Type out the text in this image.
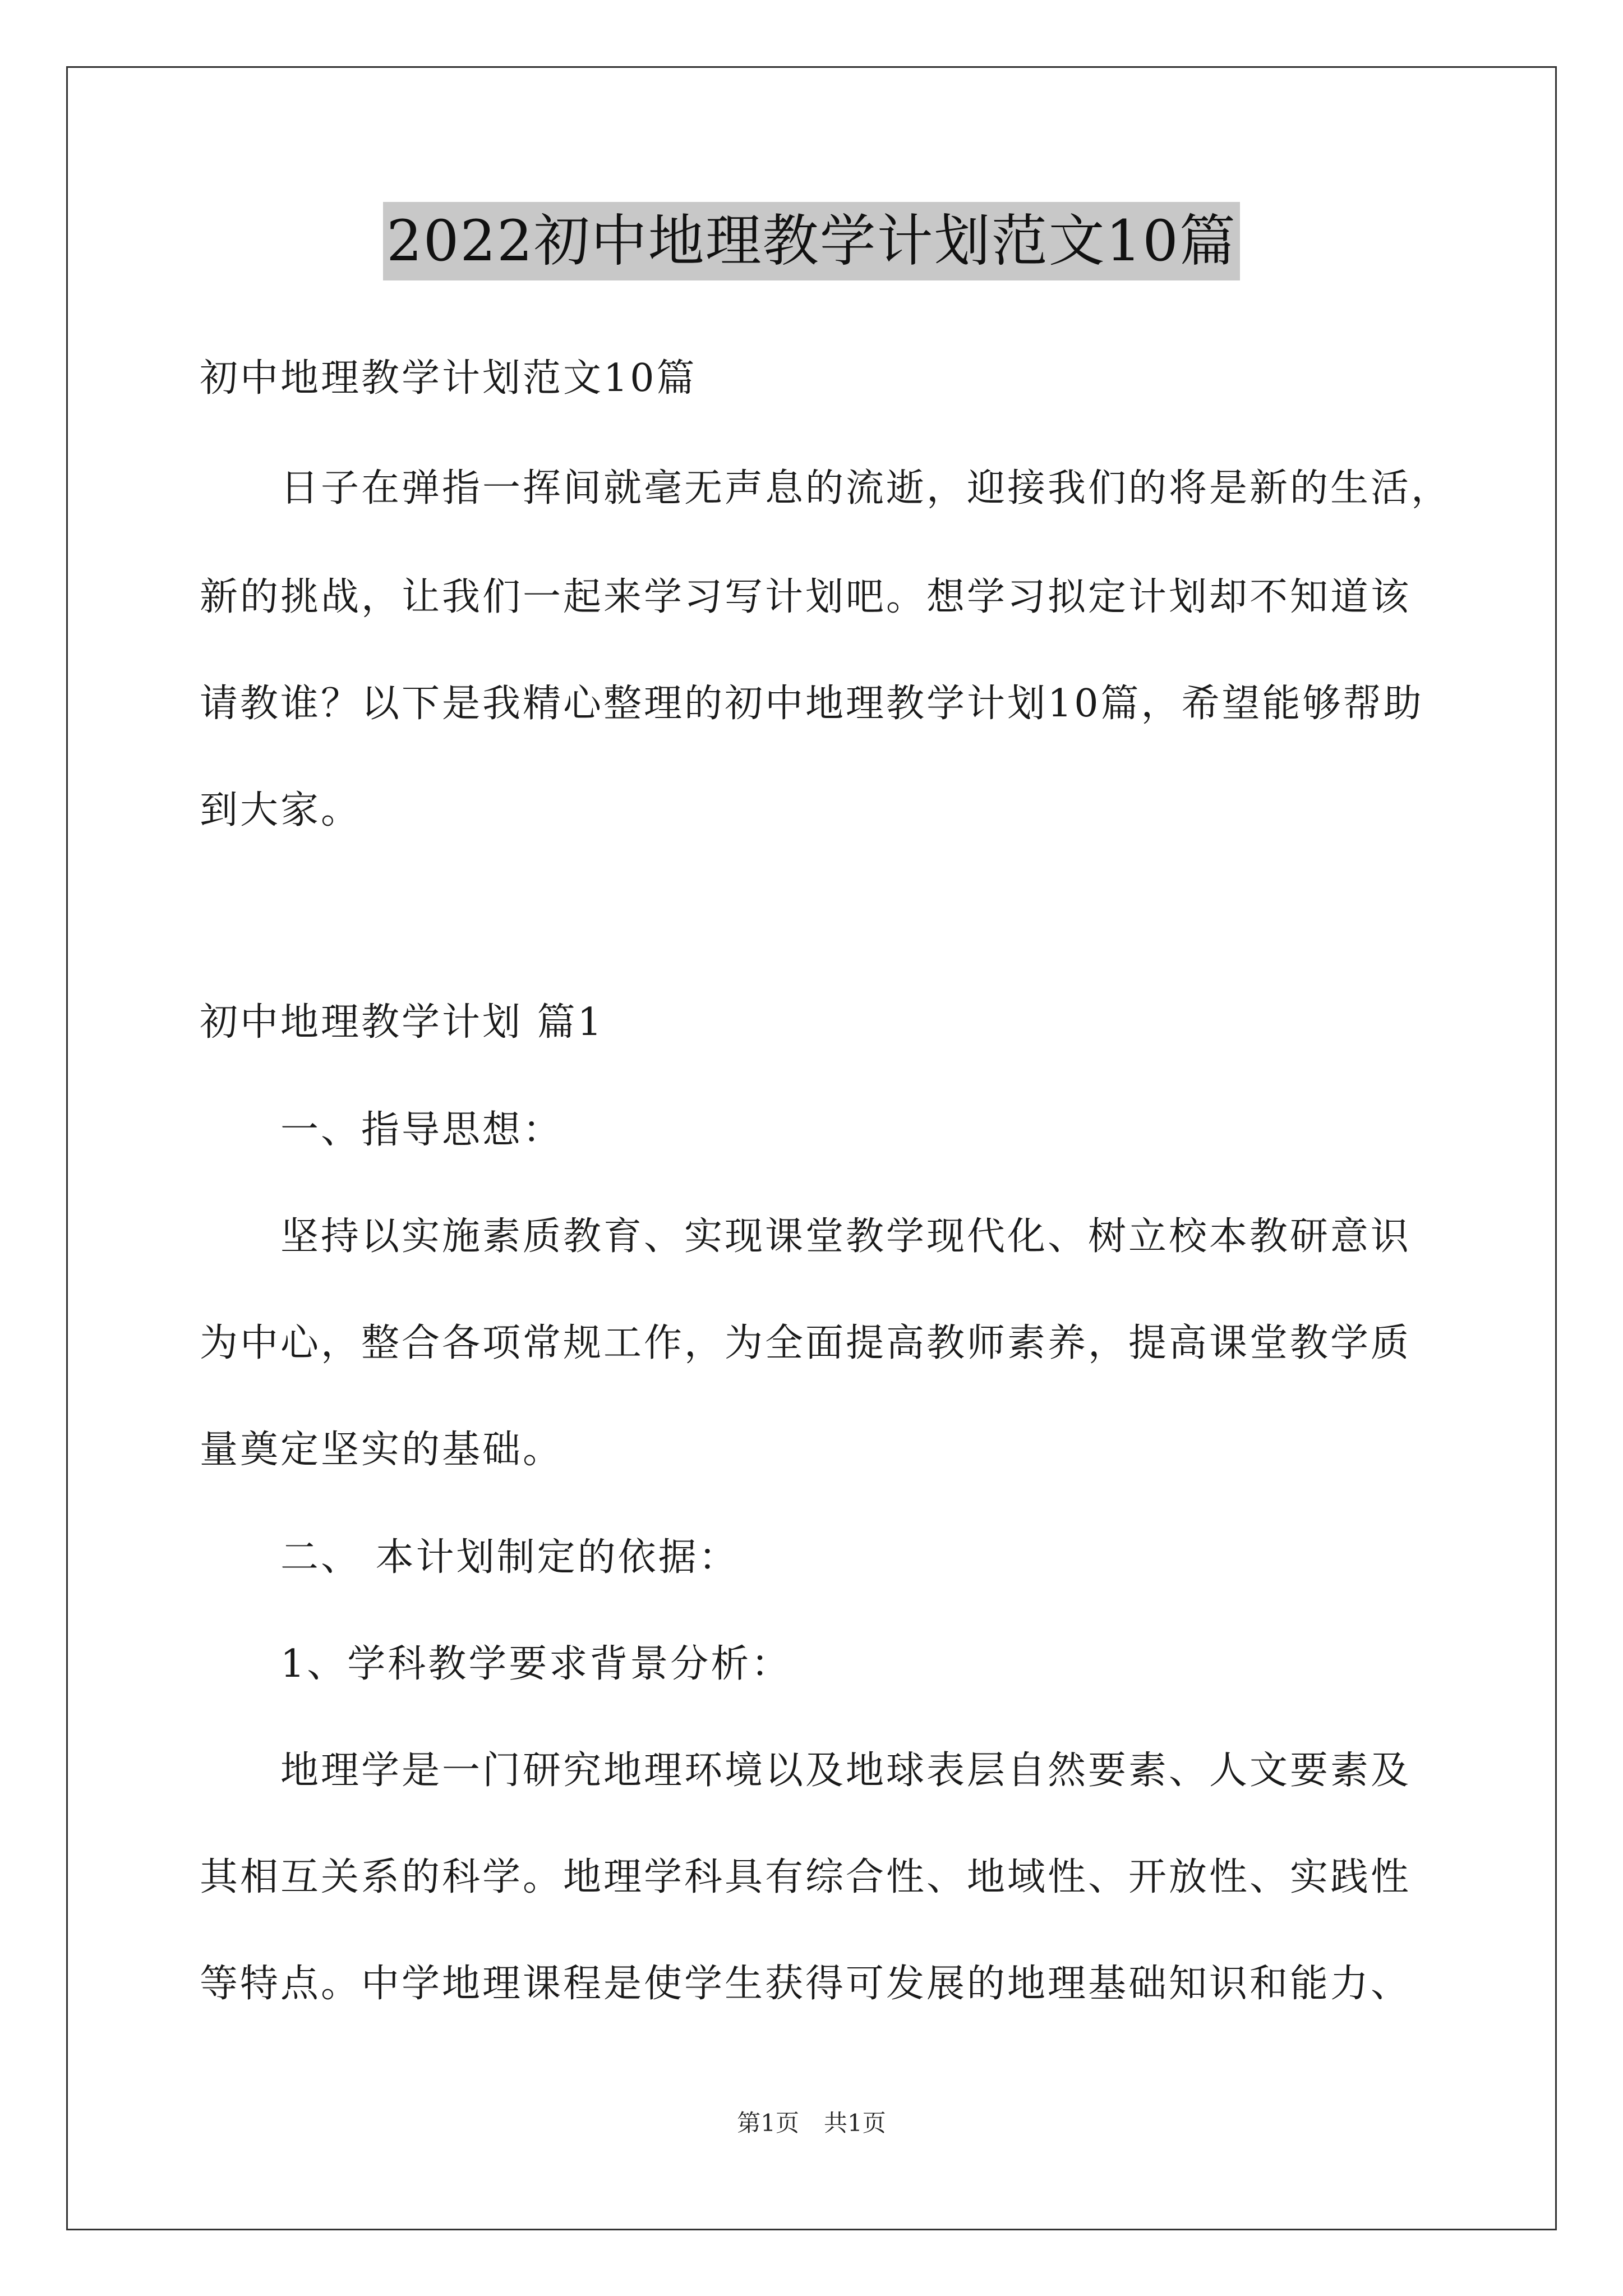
2022初中地理教学计划范文10篇
初中地理教学计划范文10篇
日子在弹指一挥间就毫无声息的流逝，迎接我们的将是新的生活，
新的挑战，让我们一起来学习写计划吧。想学习拟定计划却不知道该
请教谁？以下是我精心整理的初中地理教学计划10篇，希望能够帮助
到大家。
初中地理教学计划 篇1
一、指导思想：
坚持以实施素质教育、实现课堂教学现代化、树立校本教研意识
为中心，整合各项常规工作，为全面提高教师素养，提高课堂教学质
量奠定坚实的基础。
二、 本计划制定的依据：
1、学科教学要求背景分析：
地理学是一门研究地理环境以及地球表层自然要素、人文要素及
其相互关系的科学。地理学科具有综合性、地域性、开放性、实践性
等特点。中学地理课程是使学生获得可发展的地理基础知识和能力、
第1页 共1页
